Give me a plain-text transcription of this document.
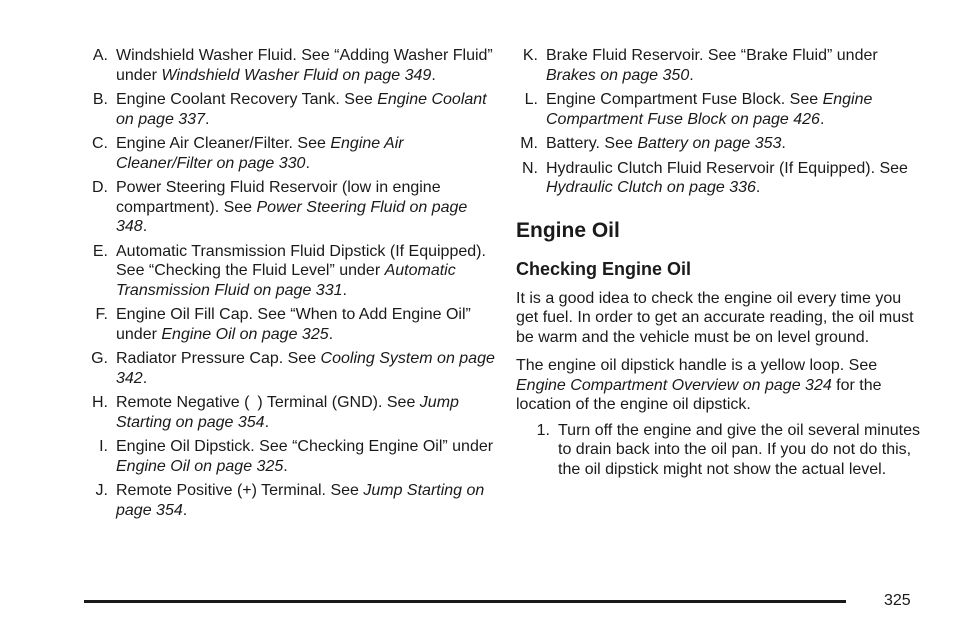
A. Windshield Washer Fluid. See “Adding Washer Fluid” under Windshield Washer Fluid on page 349.
B. Engine Coolant Recovery Tank. See Engine Coolant on page 337.
C. Engine Air Cleaner/Filter. See Engine Air Cleaner/Filter on page 330.
D. Power Steering Fluid Reservoir (low in engine compartment). See Power Steering Fluid on page 348.
E. Automatic Transmission Fluid Dipstick (If Equipped). See “Checking the Fluid Level” under Automatic Transmission Fluid on page 331.
F. Engine Oil Fill Cap. See “When to Add Engine Oil” under Engine Oil on page 325.
G. Radiator Pressure Cap. See Cooling System on page 342.
H. Remote Negative ( ) Terminal (GND). See Jump Starting on page 354.
I. Engine Oil Dipstick. See “Checking Engine Oil” under Engine Oil on page 325.
J. Remote Positive (+) Terminal. See Jump Starting on page 354.
K. Brake Fluid Reservoir. See “Brake Fluid” under Brakes on page 350.
L. Engine Compartment Fuse Block. See Engine Compartment Fuse Block on page 426.
M. Battery. See Battery on page 353.
N. Hydraulic Clutch Fluid Reservoir (If Equipped). See Hydraulic Clutch on page 336.
Engine Oil
Checking Engine Oil

It is a good idea to check the engine oil every time you get fuel. In order to get an accurate reading, the oil must be warm and the vehicle must be on level ground.

The engine oil dipstick handle is a yellow loop. See Engine Compartment Overview on page 324 for the location of the engine oil dipstick.

1. Turn off the engine and give the oil several minutes to drain back into the oil pan. If you do not do this, the oil dipstick might not show the actual level.
325
